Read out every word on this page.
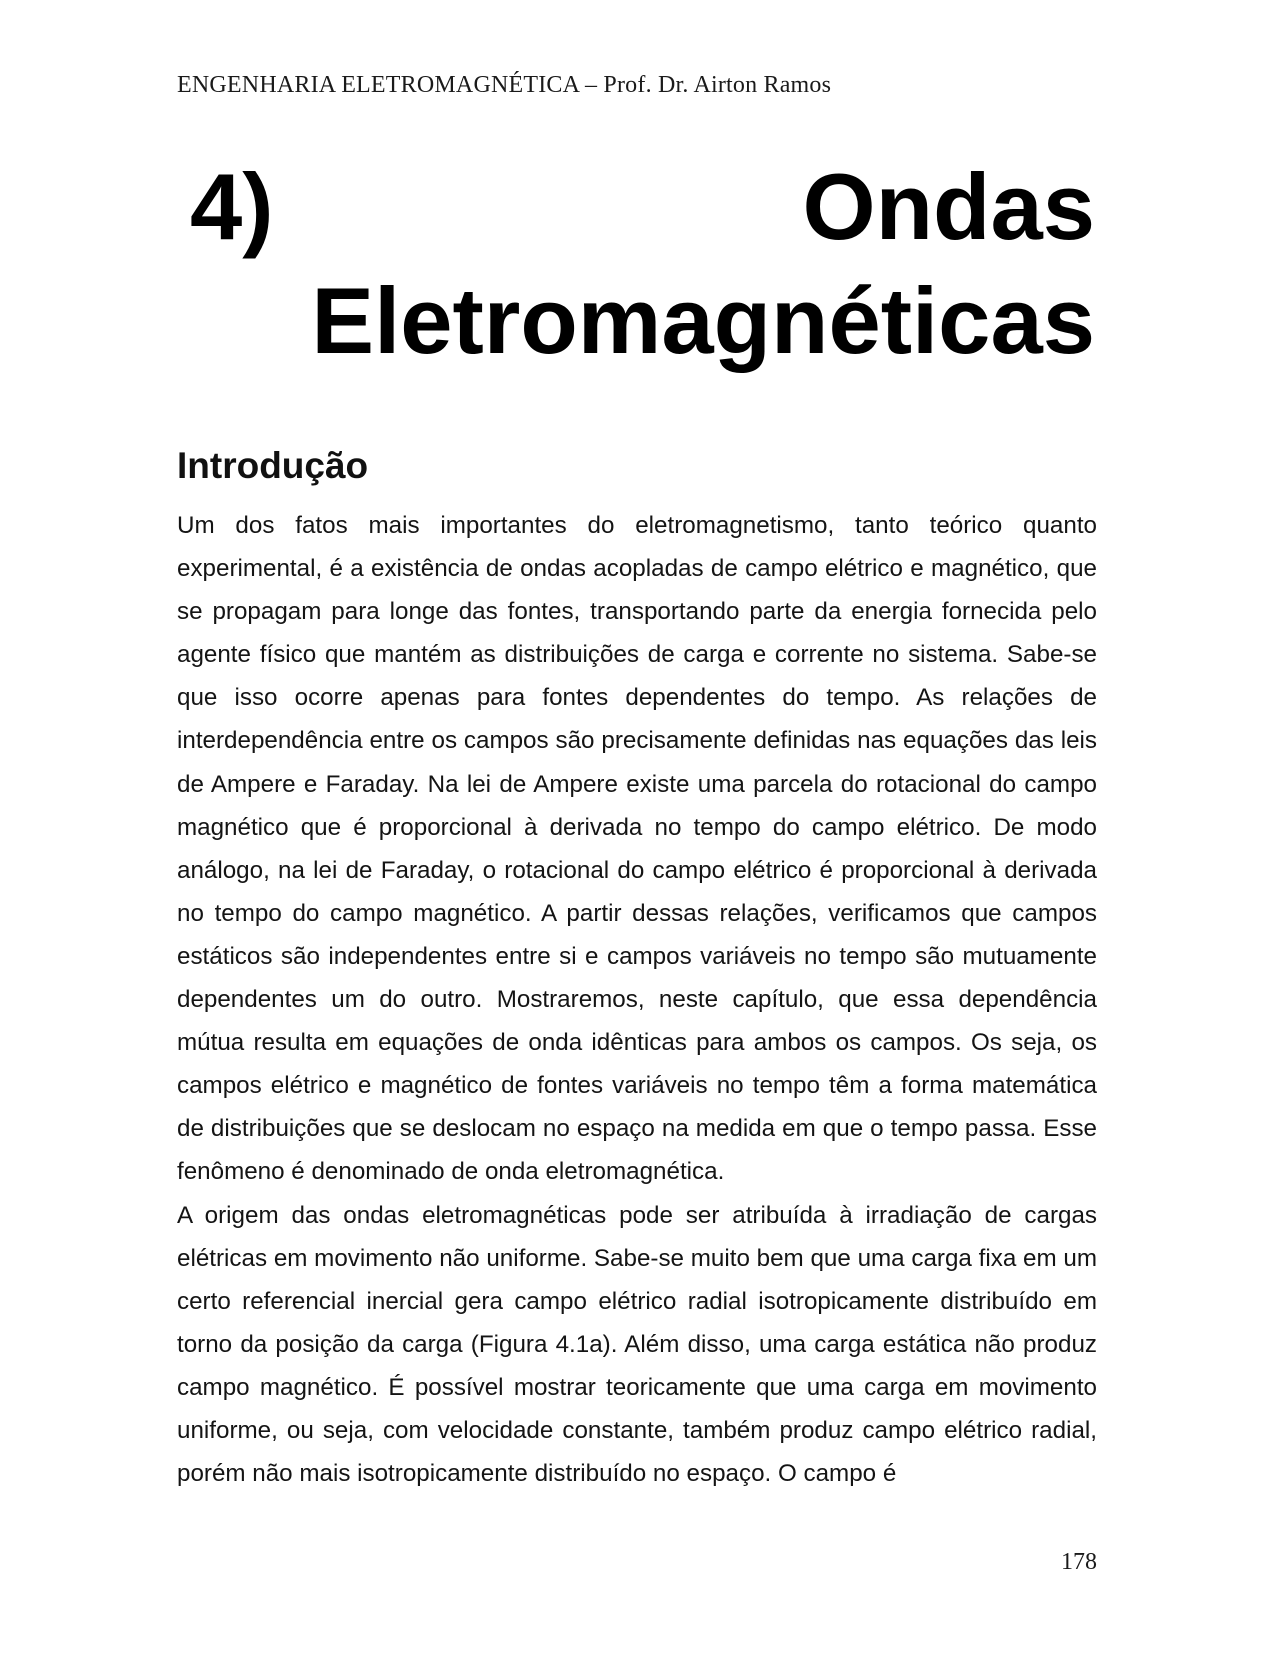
ENGENHARIA ELETROMAGNÉTICA – Prof. Dr. Airton Ramos
4)	Ondas
Eletromagnéticas
Introdução

Um dos fatos mais importantes do eletromagnetismo, tanto teórico quanto experimental, é a existência de ondas acopladas de campo elétrico e magnético, que se propagam para longe das fontes, transportando parte da energia fornecida pelo agente físico que mantém as distribuições de carga e corrente no sistema. Sabe-se que isso ocorre apenas para fontes dependentes do tempo. As relações de interdependência entre os campos são precisamente definidas nas equações das leis de Ampere e Faraday. Na lei de Ampere existe uma parcela do rotacional do campo magnético que é proporcional à derivada no tempo do campo elétrico. De modo análogo, na lei de Faraday, o rotacional do campo elétrico é proporcional à derivada no tempo do campo magnético. A partir dessas relações, verificamos que campos estáticos são independentes entre si e campos variáveis no tempo são mutuamente dependentes um do outro. Mostraremos, neste capítulo, que essa dependência mútua resulta em equações de onda idênticas para ambos os campos. Os seja, os campos elétrico e magnético de fontes variáveis no tempo têm a forma matemática de distribuições que se deslocam no espaço na medida em que o tempo passa. Esse fenômeno é denominado de onda eletromagnética.

A origem das ondas eletromagnéticas pode ser atribuída à irradiação de cargas elétricas em movimento não uniforme. Sabe-se muito bem que uma carga fixa em um certo referencial inercial gera campo elétrico radial isotropicamente distribuído em torno da posição da carga (Figura 4.1a). Além disso, uma carga estática não produz campo magnético. É possível mostrar teoricamente que uma carga em movimento uniforme, ou seja, com velocidade constante, também produz campo elétrico radial, porém não mais isotropicamente distribuído no espaço. O campo é

178
